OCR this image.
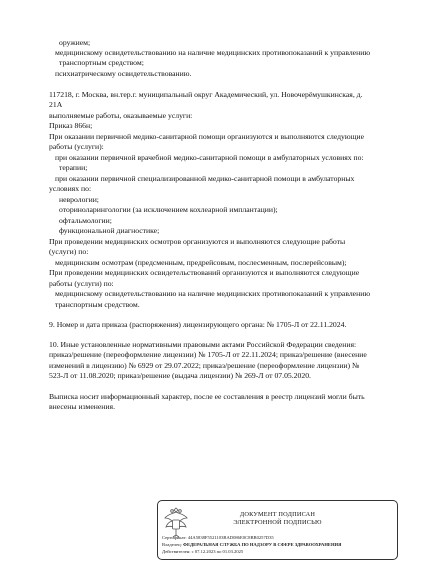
оружием;
медицинскому освидетельствованию на наличие медицинских противопоказаний к управлению
транспортным средством;
психиатрическому освидетельствованию.
117218, г. Москва, вн.тер.г. муниципальный округ Академический, ул. Новочерёмушкинская, д.
21А
выполняемые работы, оказываемые услуги:
Приказ 866н;
При оказании первичной медико-санитарной помощи организуются и выполняются следующие
работы (услуги):
при оказании первичной врачебной медико-санитарной помощи в амбулаторных условиях по:
терапии;
при оказании первичной специализированной медико-санитарной помощи в амбулаторных
условиях по:
неврологии;
оториноларингологии (за исключением кохлеарной имплантации);
офтальмологии;
функциональной диагностике;
При проведении медицинских осмотров организуются и выполняются следующие работы
(услуги) по:
медицинским осмотрам (предсменным, предрейсовым, послесменным, послерейсовым);
При проведении медицинских освидетельствований организуются и выполняются следующие
работы (услуги) по:
медицинскому освидетельствованию на наличие медицинских противопоказаний к управлению
транспортным средством.
9. Номер и дата приказа (распоряжения) лицензирующего органа: № 1705-Л от 22.11.2024.
10. Иные установленные нормативными правовыми актами Российской Федерации сведения:
приказ/решение (переоформление лицензии) № 1705-Л от 22.11.2024; приказ/решение (внесение
изменений в лицензию) № 6929 от 29.07.2022; приказ/решение (переоформление лицензии) №
523-Л от 11.08.2020; приказ/решение (выдача лицензии) № 269-Л от 07.05.2020.
Выписка носит информационный характер, после ее составления в реестр лицензий могли быть
внесены изменения.
ДОКУМЕНТ ПОДПИСАН
ЭЛЕКТРОННОЙ ПОДПИСЬЮ
Сертификат: 44A5838F5521103BAD086E0C8BB0257D35
Владелец: ФЕДЕРАЛЬНАЯ СЛУЖБА ПО НАДЗОРУ В СФЕРЕ ЗДРАВООХРАНЕНИЯ
Действителен: с 07.12.2023 по 01.03.2025
